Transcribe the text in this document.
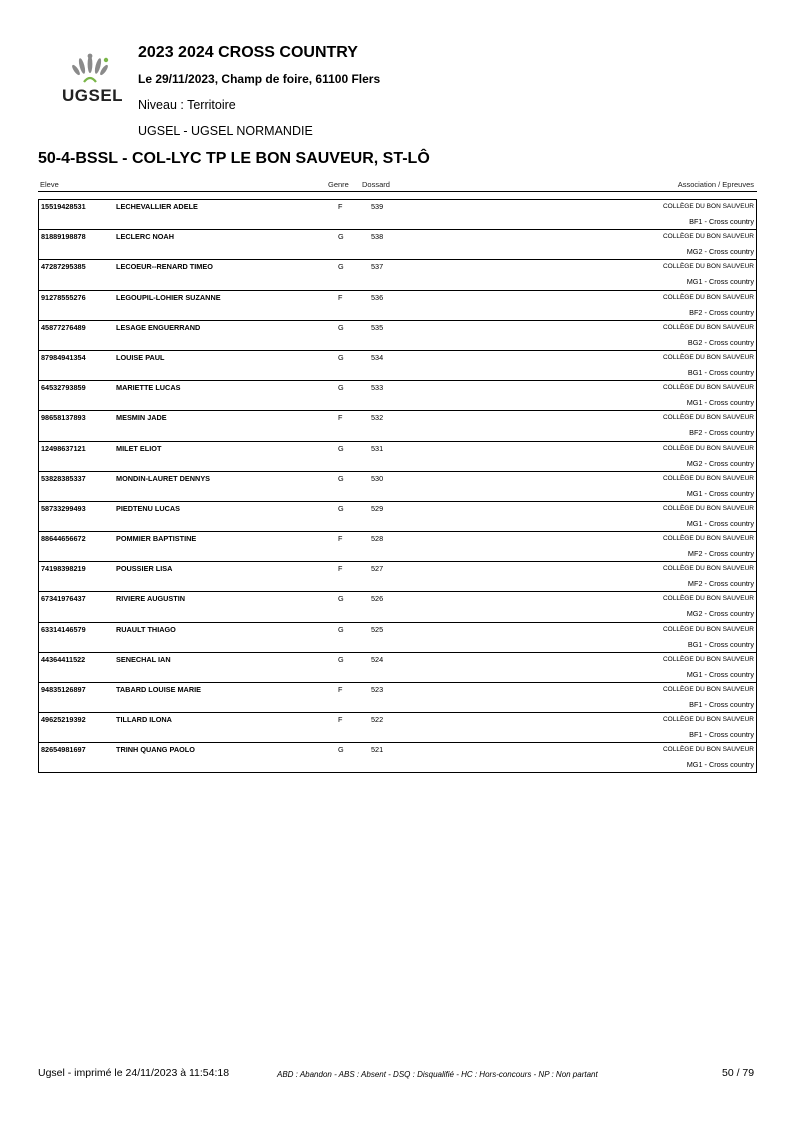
UGSEL
2023 2024 CROSS COUNTRY
Le 29/11/2023, Champ de foire, 61100 Flers
Niveau : Territoire
UGSEL - UGSEL NORMANDIE
50-4-BSSL - COL-LYC TP LE BON SAUVEUR, ST-LÔ
Eleve	Genre Dossard	Association / Epreuves
15519428531	LECHEVALLIER ADELE	F	539	COLLÈGE DU BON SAUVEUR
BF1 - Cross country
81889198878	LECLERC NOAH	G	538	COLLÈGE DU BON SAUVEUR
MG2 - Cross country
47287295385	LECOEUR--RENARD TIMEO	G	537	COLLÈGE DU BON SAUVEUR
MG1 - Cross country
91278555276	LEGOUPIL-LOHIER SUZANNE	F	536	COLLÈGE DU BON SAUVEUR
BF2 - Cross country
45877276489	LESAGE ENGUERRAND	G	535	COLLÈGE DU BON SAUVEUR
BG2 - Cross country
87984941354	LOUISE PAUL	G	534	COLLÈGE DU BON SAUVEUR
BG1 - Cross country
64532793859	MARIETTE LUCAS	G	533	COLLÈGE DU BON SAUVEUR
MG1 - Cross country
98658137893	MESMIN JADE	F	532	COLLÈGE DU BON SAUVEUR
BF2 - Cross country
12498637121	MILET ELIOT	G	531	COLLÈGE DU BON SAUVEUR
MG2 - Cross country
53828385337	MONDIN-LAURET DENNYS	G	530	COLLÈGE DU BON SAUVEUR
MG1 - Cross country
58733299493	PIEDTENU LUCAS	G	529	COLLÈGE DU BON SAUVEUR
MG1 - Cross country
88644656672	POMMIER BAPTISTINE	F	528	COLLÈGE DU BON SAUVEUR
MF2 - Cross country
74198398219	POUSSIER LISA	F	527	COLLÈGE DU BON SAUVEUR
MF2 - Cross country
67341976437	RIVIERE AUGUSTIN	G	526	COLLÈGE DU BON SAUVEUR
MG2 - Cross country
63314146579	RUAULT THIAGO	G	525	COLLÈGE DU BON SAUVEUR
BG1 - Cross country
44364411522	SENECHAL IAN	G	524	COLLÈGE DU BON SAUVEUR
MG1 - Cross country
94835126897	TABARD LOUISE MARIE	F	523	COLLÈGE DU BON SAUVEUR
BF1 - Cross country
49625219392	TILLARD ILONA	F	522	COLLÈGE DU BON SAUVEUR
BF1 - Cross country
82654981697	TRINH QUANG PAOLO	G	521	COLLÈGE DU BON SAUVEUR
MG1 - Cross country
Ugsel - imprimé le 24/11/2023 à 11:54:18	ABD : Abandon - ABS : Absent - DSQ : Disqualifié - HC : Hors-concours - NP : Non partant	50 / 79
